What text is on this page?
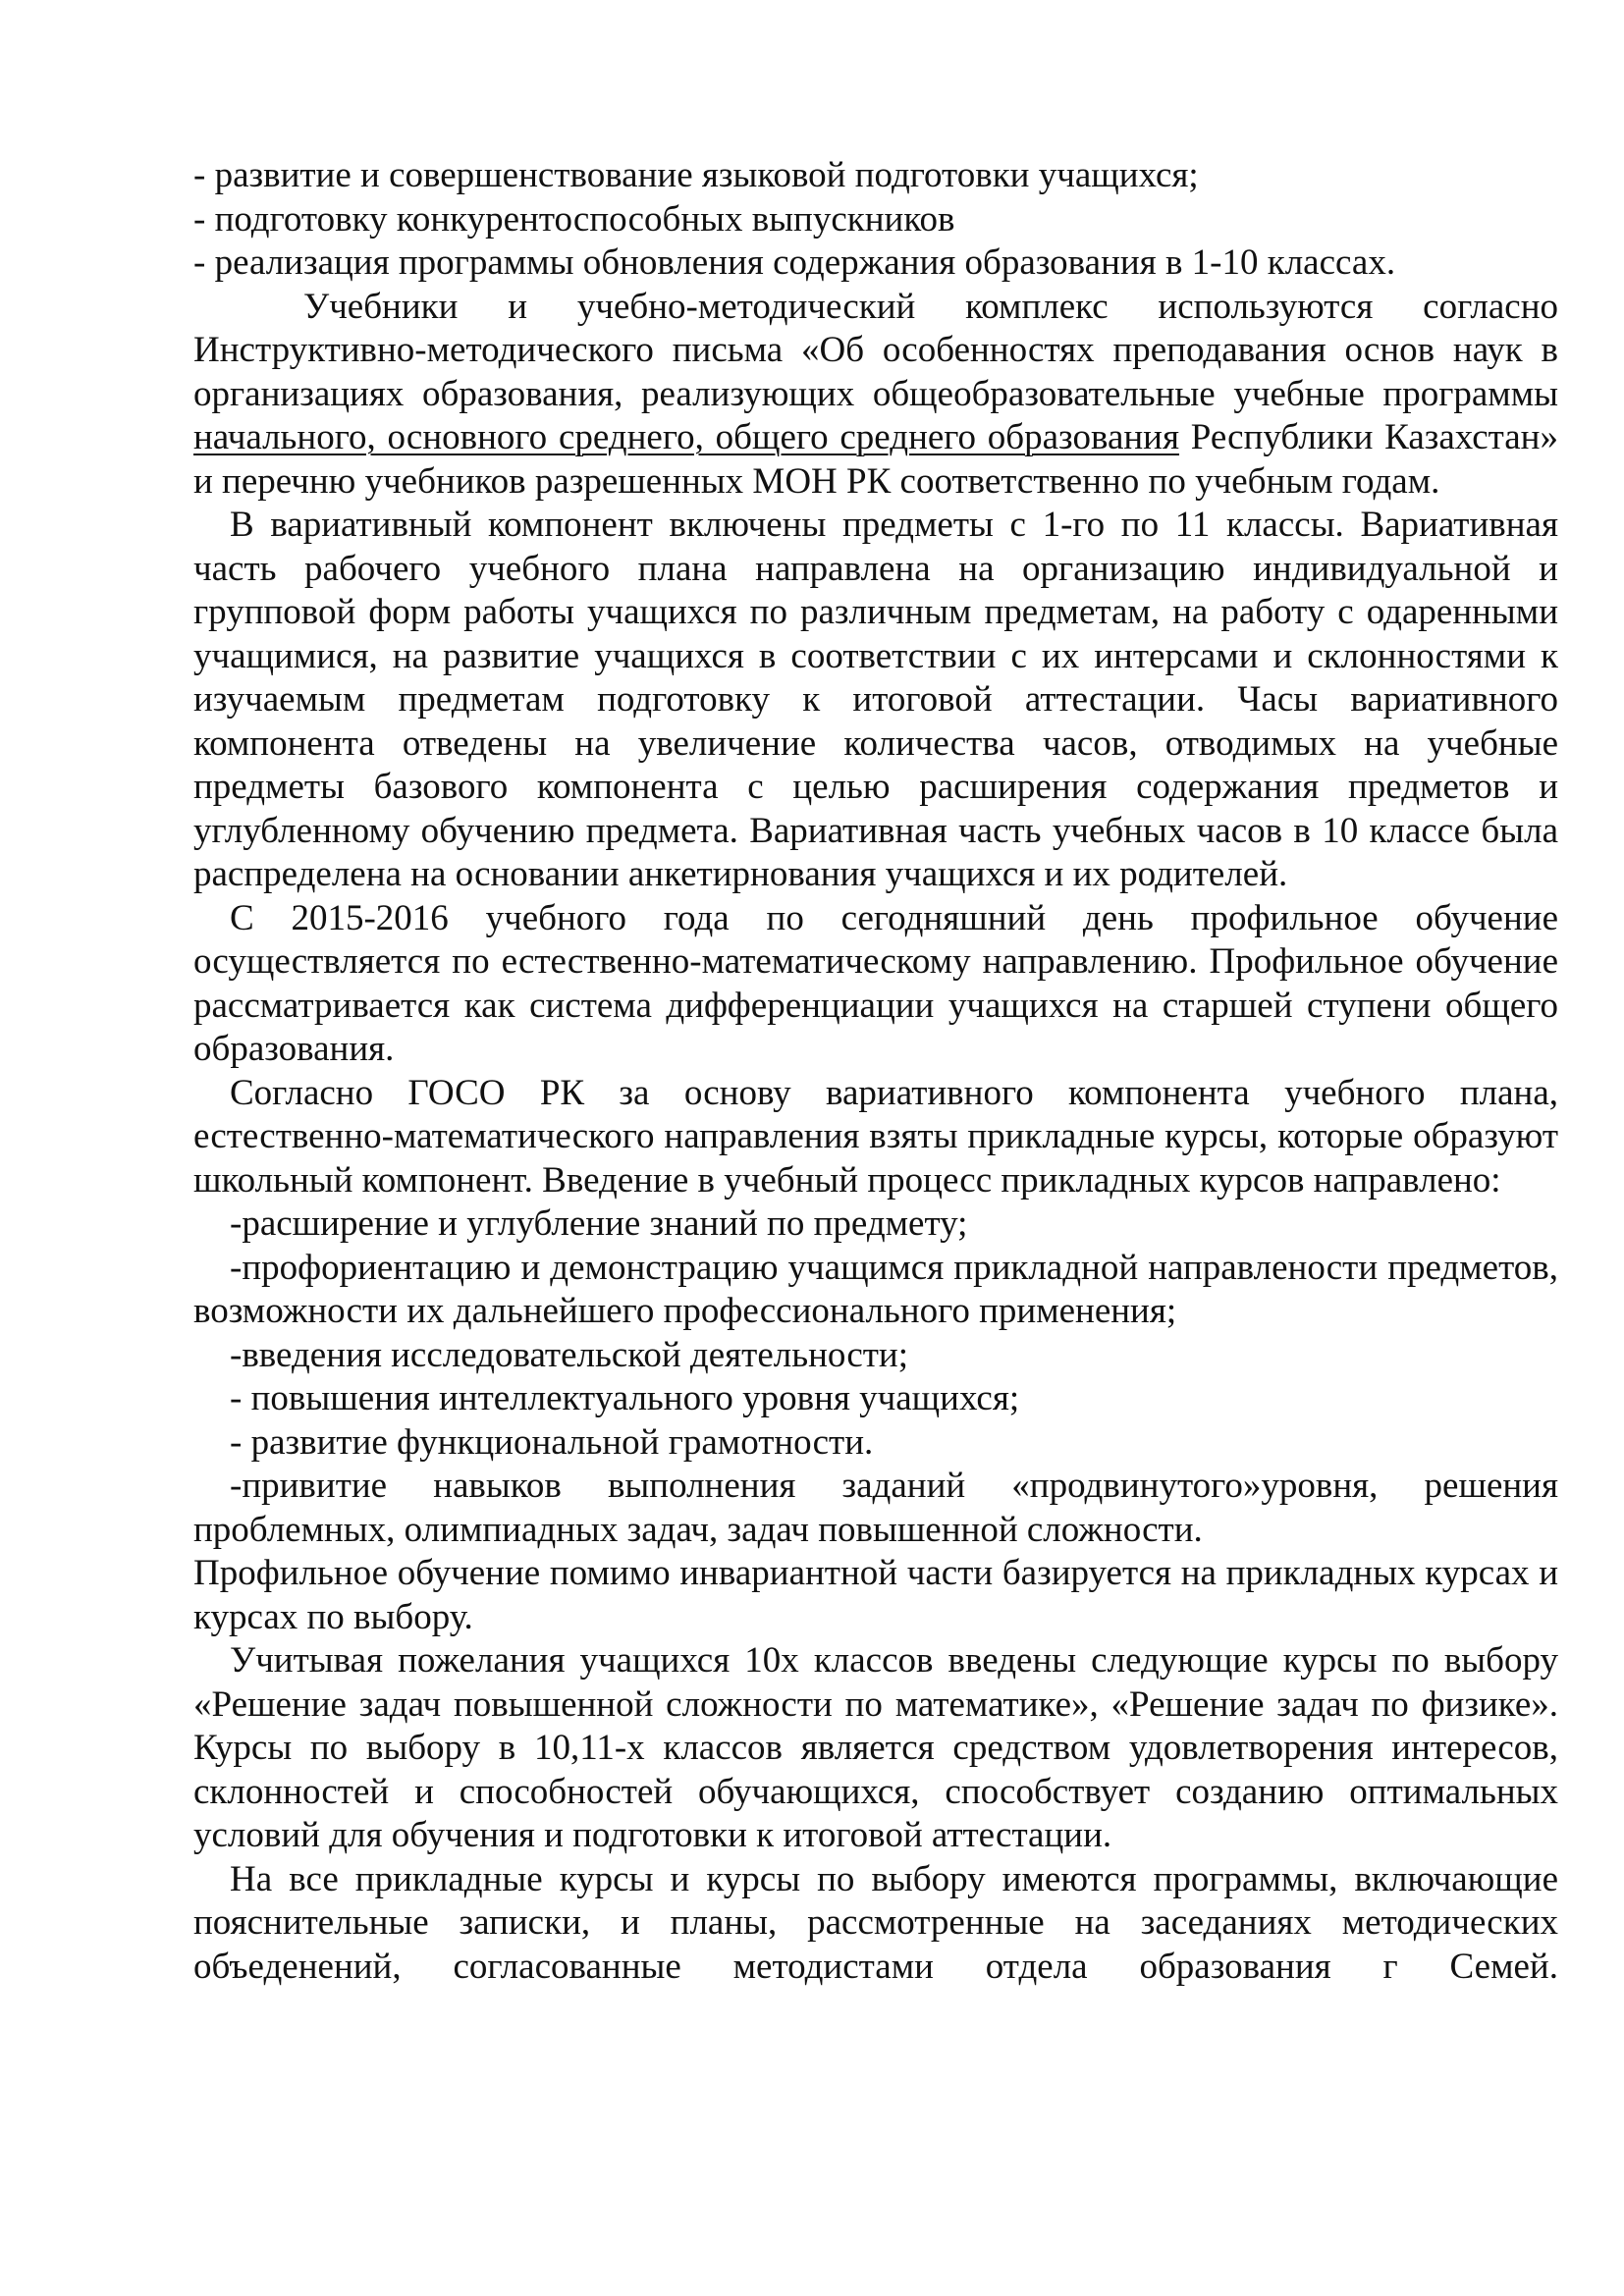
- развитие и совершенствование языковой подготовки учащихся;

- подготовку конкурентоспособных выпускников

- реализация программы обновления содержания образования в 1-10 классах.

Учебники и учебно-методический комплекс используются согласно Инструктивно-методического письма «Об особенностях преподавания основ наук в организациях образования, реализующих общеобразовательные учебные программы начального, основного среднего, общего среднего образования Республики Казахстан» и перечню учебников разрешенных МОН РК соответственно по учебным годам.

В вариативный компонент включены предметы с 1-го по 11 классы. Вариативная часть рабочего учебного плана направлена на организацию индивидуальной и групповой форм работы учащихся по различным предметам, на работу с одаренными учащимися, на развитие учащихся в соответствии с их интерсами и склонностями к изучаемым предметам подготовку к итоговой аттестации. Часы вариативного компонента отведены на увеличение количества часов, отводимых на учебные предметы базового компонента с целью расширения содержания предметов и углубленному обучению предмета. Вариативная часть учебных часов в 10 классе была распределена на основании анкетирнования учащихся и их родителей.

С 2015-2016 учебного года по сегодняшний день профильное обучение осуществляется по естественно-математическому направлению. Профильное обучение рассматривается как система дифференциации учащихся на старшей ступени общего образования.

Согласно ГОСО РК за основу вариативного компонента учебного плана, естественно-математического направления взяты прикладные курсы, которые образуют школьный компонент. Введение в учебный процесс прикладных курсов направлено:

-расширение и углубление знаний по предмету;

-профориентацию и демонстрацию учащимся прикладной направлености предметов, возможности их дальнейшего профессионального применения;

-введения исследовательской деятельности;

- повышения интеллектуального уровня учащихся;

- развитие функциональной грамотности.

-привитие навыков выполнения заданий «продвинутого»уровня, решения проблемных, олимпиадных задач, задач повышенной сложности.

Профильное обучение помимо инвариантной части базируется на прикладных курсах и курсах по выбору.

Учитывая пожелания учащихся 10х классов введены следующие курсы по выбору «Решение задач повышенной сложности по математике», «Решение задач по физике». Курсы по выбору в 10,11-х классов является средством удовлетворения интересов, склонностей и способностей обучающихся, способствует созданию оптимальных условий для обучения и подготовки к итоговой аттестации.

На все прикладные курсы и курсы по выбору имеются программы, включающие пояснительные записки, и планы, рассмотренные на заседаниях методических объеденений, согласованные методистами отдела образования г Семей.
